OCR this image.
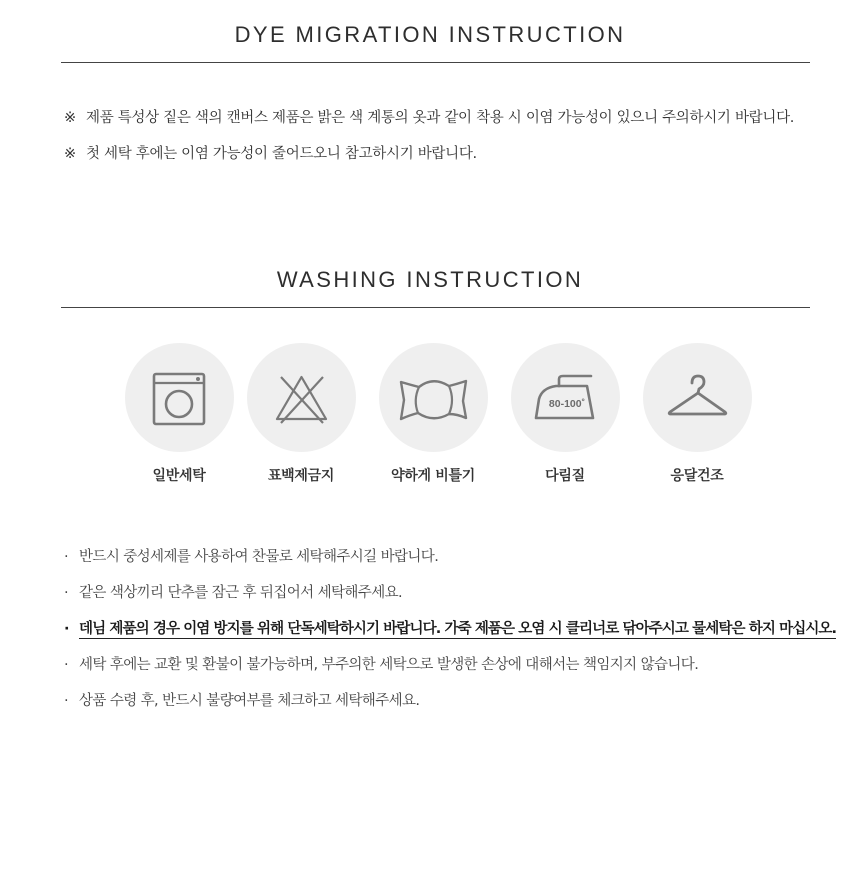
DYE MIGRATION INSTRUCTION
※ 제품 특성상 짙은 색의 캔버스 제품은 밝은 색 계통의 옷과 같이 착용 시 이염 가능성이 있으니 주의하시기 바랍니다.
※ 첫 세탁 후에는 이염 가능성이 줄어드오니 참고하시기 바랍니다.
WASHING INSTRUCTION
일반세탁	표백제금지	약하게 비틀기
80-100˚
다림질	응달건조
· 반드시 중성세제를 사용하여 찬물로 세탁해주시길 바랍니다.
· 같은 색상끼리 단추를 잠근 후 뒤집어서 세탁해주세요.
· 데님 제품의 경우 이염 방지를 위해 단독세탁하시기 바랍니다. 가죽 제품은 오염 시 클리너로 닦아주시고 물세탁은 하지 마십시오.
· 세탁 후에는 교환 및 환불이 불가능하며, 부주의한 세탁으로 발생한 손상에 대해서는 책임지지 않습니다.
· 상품 수령 후, 반드시 불량여부를 체크하고 세탁해주세요.
